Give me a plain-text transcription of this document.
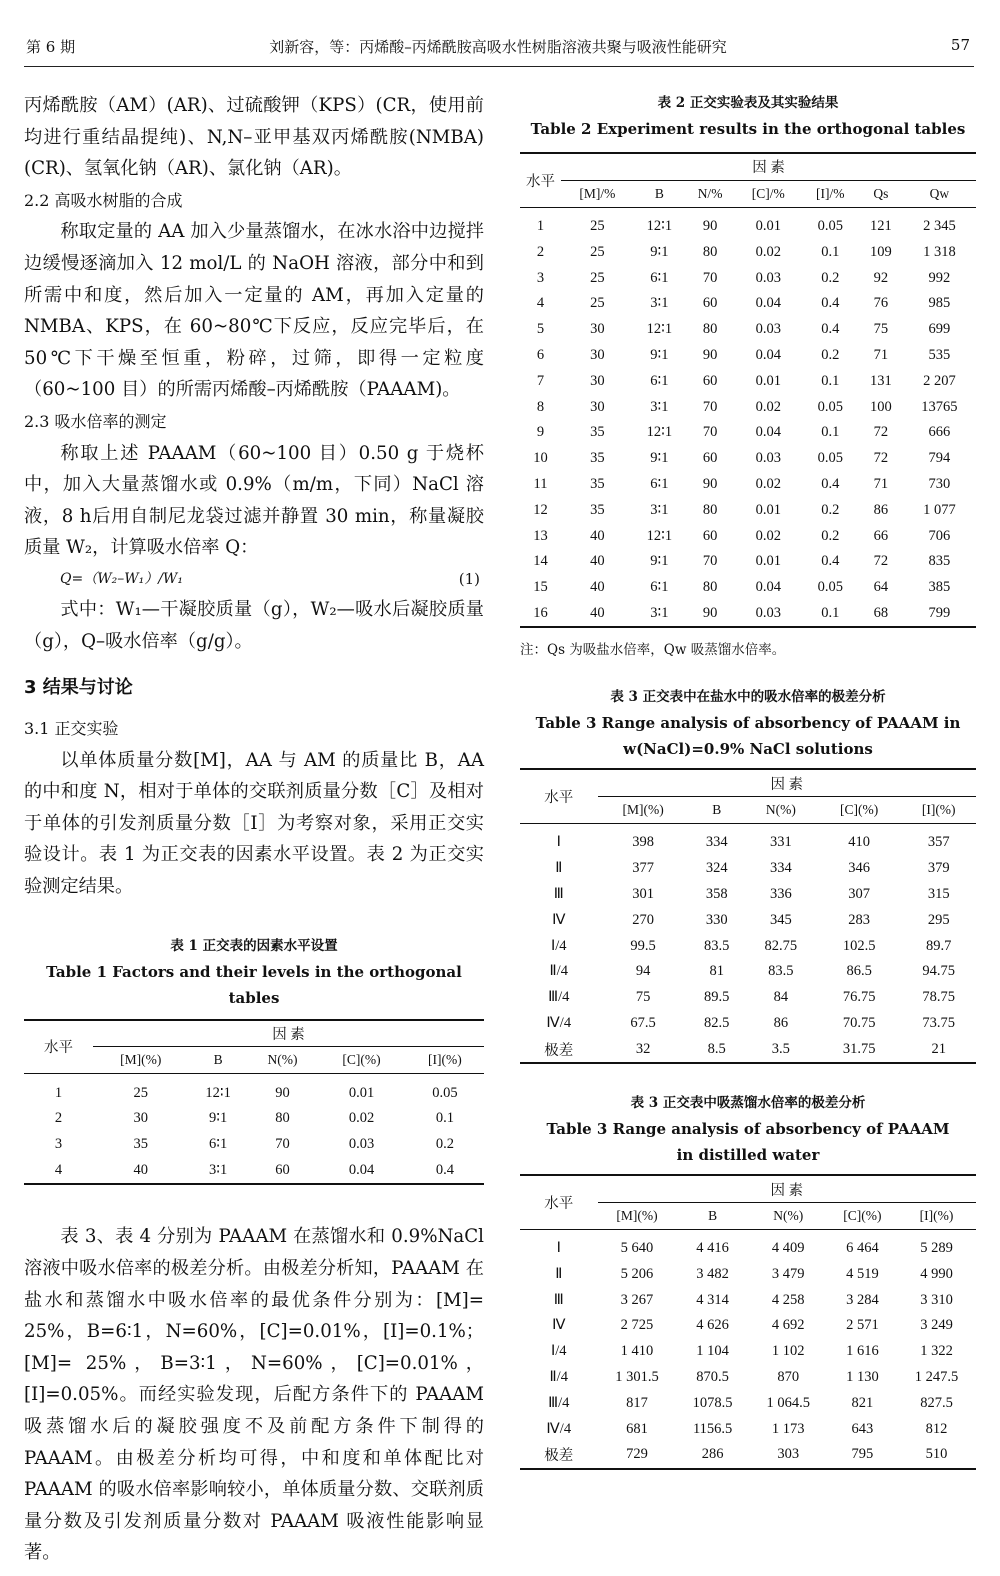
第 6 期	刘新容，等：丙烯酸–丙烯酰胺高吸水性树脂溶液共聚与吸液性能研究	57

丙烯酰胺（AM）(AR)、过硫酸钾（KPS）(CR，使用前均进行重结晶提纯)、N,N–亚甲基双丙烯酰胺(NMBA)(CR)、氢氧化钠（AR)、氯化钠（AR)。

2.2 高吸水树脂的合成

称取定量的 AA 加入少量蒸馏水，在冰水浴中边搅拌边缓慢逐滴加入 12 mol/L 的 NaOH 溶液，部分中和到所需中和度，然后加入一定量的 AM，再加入定量的 NMBA、KPS，在 60~80℃下反应，反应完毕后，在 50℃下干燥至恒重，粉碎，过筛，即得一定粒度（60~100 目）的所需丙烯酸–丙烯酰胺（PAAAM)。

2.3 吸水倍率的测定

称取上述 PAAAM（60~100 目）0.50 g 于烧杯中，加入大量蒸馏水或 0.9%（m/m，下同）NaCl 溶液，8 h后用自制尼龙袋过滤并静置 30 min，称量凝胶质量 W₂，计算吸水倍率 Q：

Q=（W₂–W₁）/W₁	(1)

式中：W₁—干凝胶质量（g），W₂—吸水后凝胶质量（g），Q–吸水倍率（g/g）。

3 结果与讨论

3.1 正交实验

以单体质量分数[M]，AA 与 AM 的质量比 B，AA 的中和度 N，相对于单体的交联剂质量分数［C］及相对于单体的引发剂质量分数［I］为考察对象，采用正交实验设计。表 1 为正交表的因素水平设置。表 2 为正交实验测定结果。

表 1 正交表的因素水平设置

Table 1 Factors and their levels in the orthogonal tables

水平	因 素				
	[M](%)	B	N(%)	[C](%)	[I](%)
1	25	12∶1	90	0.01	0.05
2	30	9∶1	80	0.02	0.1
3	35	6∶1	70	0.03	0.2
4	40	3∶1	60	0.04	0.4

表 3、表 4 分别为 PAAAM 在蒸馏水和 0.9%NaCl 溶液中吸水倍率的极差分析。由极差分析知，PAAAM 在盐水和蒸馏水中吸水倍率的最优条件分别为：[M]= 25%，B=6∶1，N=60%，[C]=0.01%，[I]=0.1%；[M]= 25%，B=3∶1，N=60%，[C]=0.01%，[I]=0.05%。而经实验发现，后配方条件下的 PAAAM 吸蒸馏水后的凝胶强度不及前配方条件下制得的 PAAAM。由极差分析均可得，中和度和单体配比对 PAAAM 的吸水倍率影响较小，单体质量分数、交联剂质量分数及引发剂质量分数对 PAAAM 吸液性能影响显著。

表 2 正交实验表及其实验结果

Table 2 Experiment results in the orthogonal tables

水平	因 素						
	[M]/%	B	N/%	[C]/%	[I]/%	Qs	Qw
1	25	12∶1	90	0.01	0.05	121	2 345
2	25	9∶1	80	0.02	0.1	109	1 318
3	25	6∶1	70	0.03	0.2	92	992
4	25	3∶1	60	0.04	0.4	76	985
5	30	12∶1	80	0.03	0.4	75	699
6	30	9∶1	90	0.04	0.2	71	535
7	30	6∶1	60	0.01	0.1	131	2 207
8	30	3∶1	70	0.02	0.05	100	13765
9	35	12∶1	70	0.04	0.1	72	666
10	35	9∶1	60	0.03	0.05	72	794
11	35	6∶1	90	0.02	0.4	71	730
12	35	3∶1	80	0.01	0.2	86	1 077
13	40	12∶1	60	0.02	0.2	66	706
14	40	9∶1	70	0.01	0.4	72	835
15	40	6∶1	80	0.04	0.05	64	385
16	40	3∶1	90	0.03	0.1	68	799
注：Qs 为吸盐水倍率，Qw 吸蒸馏水倍率。

表 3 正交表中在盐水中的吸水倍率的极差分析

Table 3 Range analysis of absorbency of PAAAM in

w(NaCl)=0.9% NaCl solutions

水平	因 素				
	[M](%)	B	N(%)	[C](%)	[I](%)
Ⅰ	398	334	331	410	357
Ⅱ	377	324	334	346	379
Ⅲ	301	358	336	307	315
Ⅳ	270	330	345	283	295
Ⅰ/4	99.5	83.5	82.75	102.5	89.7
Ⅱ/4	94	81	83.5	86.5	94.75
Ⅲ/4	75	89.5	84	76.75	78.75
Ⅳ/4	67.5	82.5	86	70.75	73.75
极差	32	8.5	3.5	31.75	21

表 3 正交表中吸蒸馏水倍率的极差分析

Table 3 Range analysis of absorbency of PAAAM

in distilled water

水平	因 素				
	[M](%)	B	N(%)	[C](%)	[I](%)
Ⅰ	5 640	4 416	4 409	6 464	5 289
Ⅱ	5 206	3 482	3 479	4 519	4 990
Ⅲ	3 267	4 314	4 258	3 284	3 310
Ⅳ	2 725	4 626	4 692	2 571	3 249
Ⅰ/4	1 410	1 104	1 102	1 616	1 322
Ⅱ/4	1 301.5	870.5	870	1 130	1 247.5
Ⅲ/4	817	1078.5	1 064.5	821	827.5
Ⅳ/4	681	1156.5	1 173	643	812
极差	729	286	303	795	510
